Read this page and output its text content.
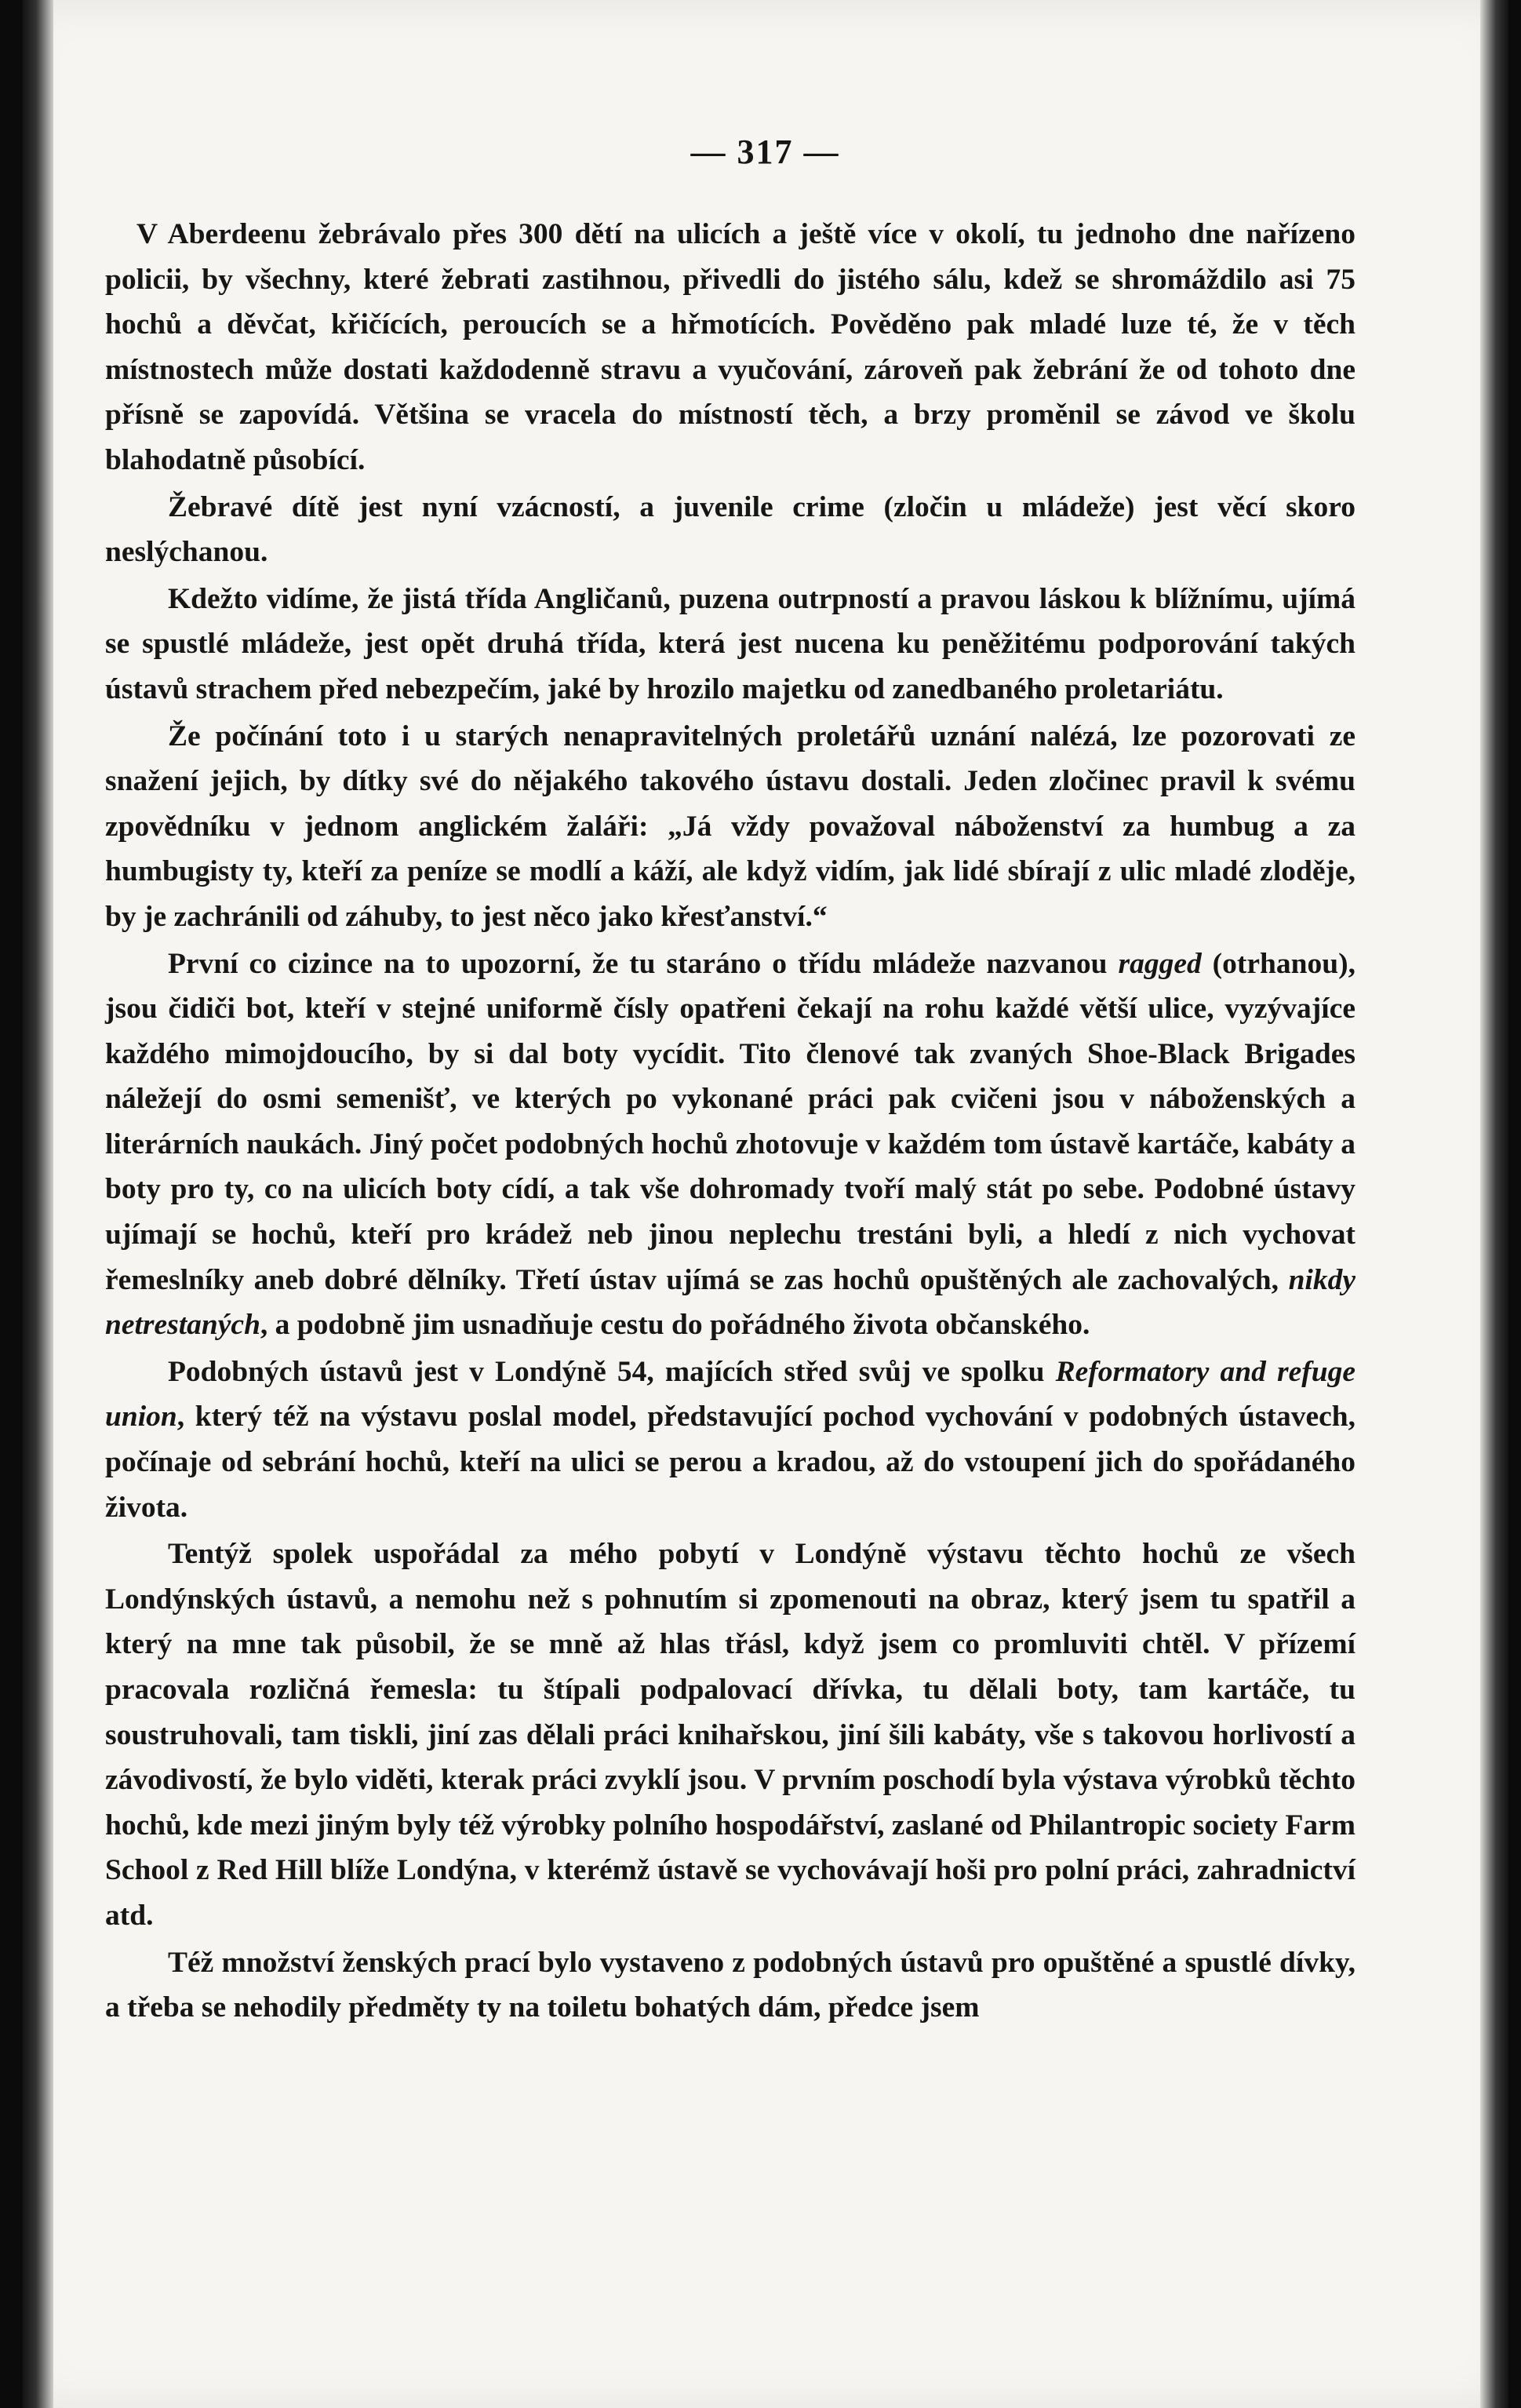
— 317 —

V Aberdeenu žebrávalo přes 300 dětí na ulicích a ještě více v okolí, tu jednoho dne nařízeno policii, by všechny, které žebrati zastihnou, přivedli do jistého sálu, kdež se shromáždilo asi 75 hochů a děvčat, křičících, peroucích se a hřmotících. Pověděno pak mladé luze té, že v těch místnostech může dostati každodenně stravu a vyučování, zároveň pak žebrání že od tohoto dne přísně se zapovídá. Většina se vracela do místností těch, a brzy proměnil se závod ve školu blahodatně působící.

Žebravé dítě jest nyní vzácností, a juvenile crime (zločin u mládeže) jest věcí skoro neslýchanou.

Kdežto vidíme, že jistá třída Angličanů, puzena outrpností a pravou láskou k blížnímu, ujímá se spustlé mládeže, jest opět druhá třída, která jest nucena ku peněžitému podporování takých ústavů strachem před nebezpečím, jaké by hrozilo majetku od zanedbaného proletariátu.

Že počínání toto i u starých nenapravitelných proletářů uznání nalézá, lze pozorovati ze snažení jejich, by dítky své do nějakého takového ústavu dostali. Jeden zločinec pravil k svému zpovědníku v jednom anglickém žaláři: „Já vždy považoval náboženství za humbug a za humbugisty ty, kteří za peníze se modlí a káží, ale když vidím, jak lidé sbírají z ulic mladé zloděje, by je zachránili od záhuby, to jest něco jako křesťanství.“

První co cizince na to upozorní, že tu staráno o třídu mládeže nazvanou ragged (otrhanou), jsou čidiči bot, kteří v stejné uniformě čísly opatřeni čekají na rohu každé větší ulice, vyzývajíce každého mimojdoucího, by si dal boty vycídit. Tito členové tak zvaných Shoe-Black Brigades náležejí do osmi semenišť, ve kterých po vykonané práci pak cvičeni jsou v náboženských a literárních naukách. Jiný počet podobných hochů zhotovuje v každém tom ústavě kartáče, kabáty a boty pro ty, co na ulicích boty cídí, a tak vše dohromady tvoří malý stát po sebe. Podobné ústavy ujímají se hochů, kteří pro krádež neb jinou neplechu trestáni byli, a hledí z nich vychovat řemeslníky aneb dobré dělníky. Třetí ústav ujímá se zas hochů opuštěných ale zachovalých, nikdy netrestaných, a podobně jim usnadňuje cestu do pořádného života občanského.

Podobných ústavů jest v Londýně 54, majících střed svůj ve spolku Reformatory and refuge union, který též na výstavu poslal model, představující pochod vychování v podobných ústavech, počínaje od sebrání hochů, kteří na ulici se perou a kradou, až do vstoupení jich do spořádaného života.

Tentýž spolek uspořádal za mého pobytí v Londýně výstavu těchto hochů ze všech Londýnských ústavů, a nemohu než s pohnutím si zpomenouti na obraz, který jsem tu spatřil a který na mne tak působil, že se mně až hlas třásl, když jsem co promluviti chtěl. V přízemí pracovala rozličná řemesla: tu štípali podpalovací dřívka, tu dělali boty, tam kartáče, tu soustruhovali, tam tiskli, jiní zas dělali práci knihařskou, jiní šili kabáty, vše s takovou horlivostí a závodivostí, že bylo viděti, kterak práci zvyklí jsou. V prvním poschodí byla výstava výrobků těchto hochů, kde mezi jiným byly též výrobky polního hospodářství, zaslané od Philantropic society Farm School z Red Hill blíže Londýna, v kterémž ústavě se vychovávají hoši pro polní práci, zahradnictví atd.

Též množství ženských prací bylo vystaveno z podobných ústavů pro opuštěné a spustlé dívky, a třeba se nehodily předměty ty na toiletu bohatých dám, předce jsem
